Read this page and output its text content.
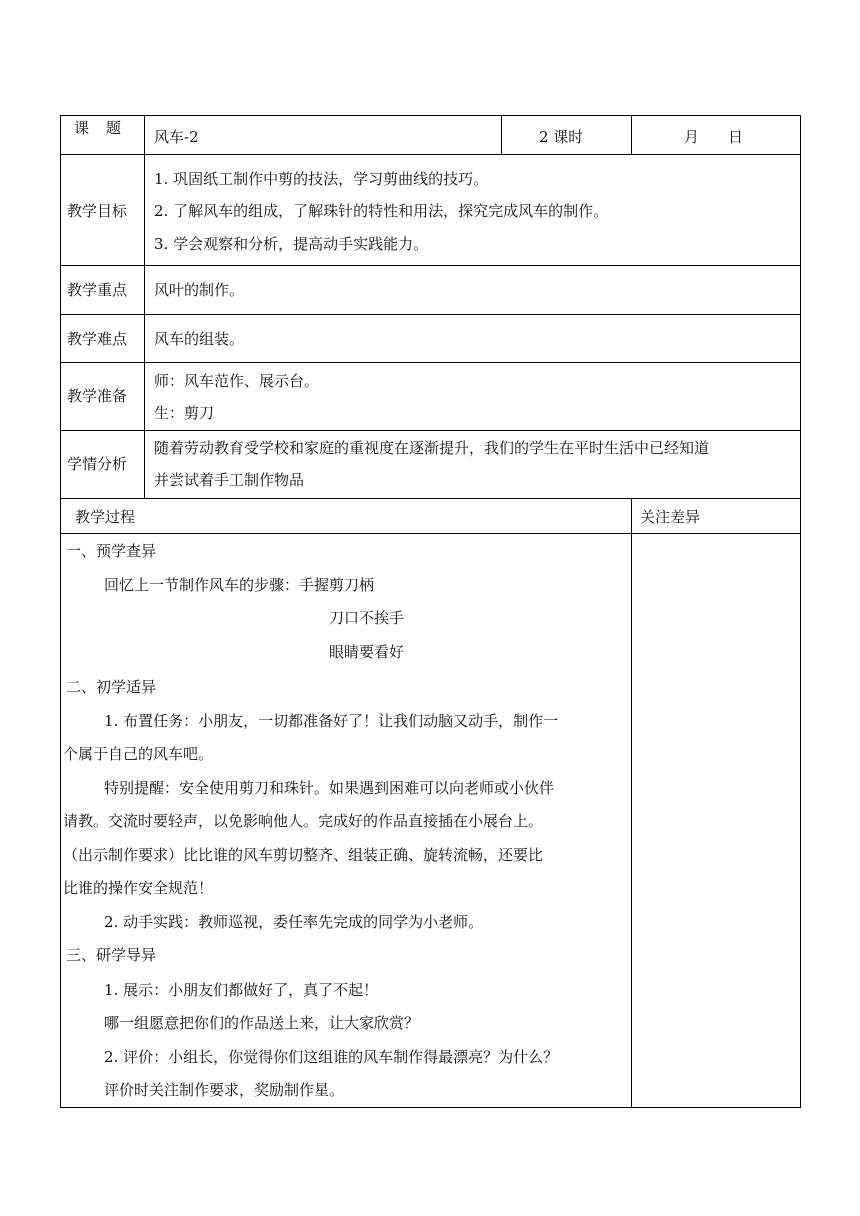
课　题 风车-2	2 课时	月 日
教学目标
1. 巩固纸工制作中剪的技法，学习剪曲线的技巧。
2. 了解风车的组成，了解珠针的特性和用法，探究完成风车的制作。
3. 学会观察和分析，提高动手实践能力。
教学重点 风叶的制作。
教学难点 风车的组装。
教学准备
师：风车范作、展示台。
生：剪刀
学情分析
随着劳动教育受学校和家庭的重视度在逐渐提升，我们的学生在平时生活中已经知道
并尝试着手工制作物品
教学过程	关注差异
一、预学查异
回忆上一节制作风车的步骤：手握剪刀柄
刀口不挨手
眼睛要看好
二、初学适异
1. 布置任务：小朋友，一切都准备好了！让我们动脑又动手，制作一
个属于自己的风车吧。
特别提醒：安全使用剪刀和珠针。如果遇到困难可以向老师或小伙伴
请教。交流时要轻声，以免影响他人。完成好的作品直接插在小展台上。
（出示制作要求）比比谁的风车剪切整齐、组装正确、旋转流畅，还要比
比谁的操作安全规范！
2. 动手实践：教师巡视，委任率先完成的同学为小老师。
三、研学导异
1. 展示：小朋友们都做好了，真了不起！
哪一组愿意把你们的作品送上来，让大家欣赏？
2. 评价：小组长，你觉得你们这组谁的风车制作得最漂亮？为什么？
评价时关注制作要求，奖励制作星。
